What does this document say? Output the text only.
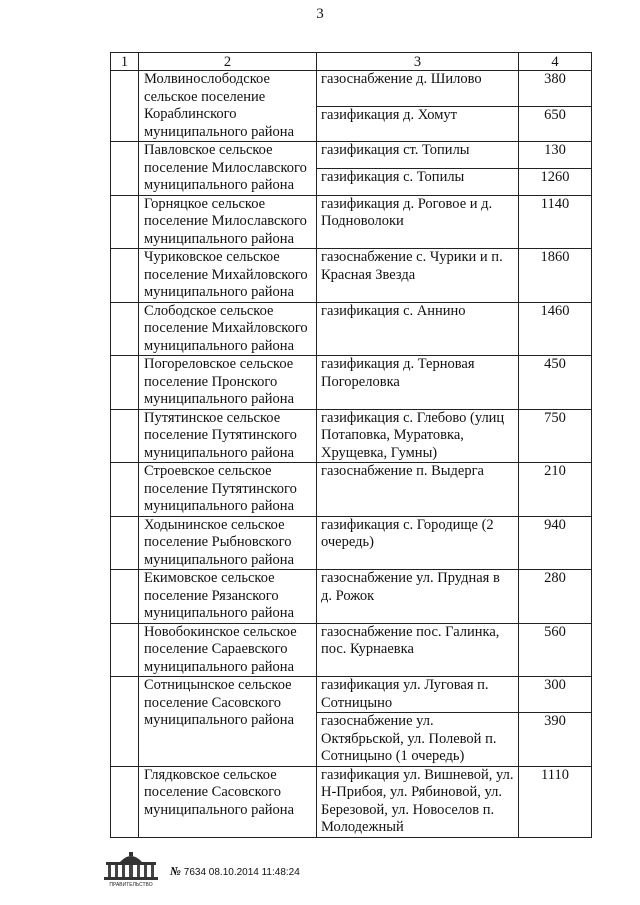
3
1	2	3	4
	Молвинослободское сельское поселение Кораблинского муниципального района	газоснабжение д. Шилово	380
		газификация д. Хомут	650
	Павловское сельское поселение Милославского муниципального района	газификация ст. Топилы	130
		газификация с. Топилы	1260
	Горняцкое сельское поселение Милославского муниципального района	газификация д. Роговое и д. Подноволоки	1140
	Чуриковское сельское поселение Михайловского муниципального района	газоснабжение с. Чурики и п. Красная Звезда	1860
	Слободское сельское поселение Михайловского муниципального района	газификация с. Аннино	1460
	Погореловское сельское поселение Пронского муниципального района	газификация д. Терновая Погореловка	450
	Путятинское сельское поселение Путятинского муниципального района	газификация с. Глебово (улиц Потаповка, Муратовка, Хрущевка, Гумны)	750
	Строевское сельское поселение Путятинского муниципального района	газоснабжение п. Выдерга	210
	Ходынинское сельское поселение Рыбновского муниципального района	газификация с. Городище (2 очередь)	940
	Екимовское сельское поселение Рязанского муниципального района	газоснабжение ул. Прудная в д. Рожок	280
	Новобокинское сельское поселение Сараевского муниципального района	газоснабжение пос. Галинка, пос. Курнаевка	560
	Сотницынское сельское поселение Сасовского муниципального района	газификация ул. Луговая п. Сотницыно	300
		газоснабжение ул. Октябрьской, ул. Полевой п. Сотницыно (1 очередь)	390
	Глядковское сельское поселение Сасовского муниципального района	газификация ул. Вишневой, ул. Н-Прибоя, ул. Рябиновой, ул. Березовой, ул. Новоселов п. Молодежный	1110
ПРАВИТЕЛЬСТВО
№ 7634 08.10.2014 11:48:24
